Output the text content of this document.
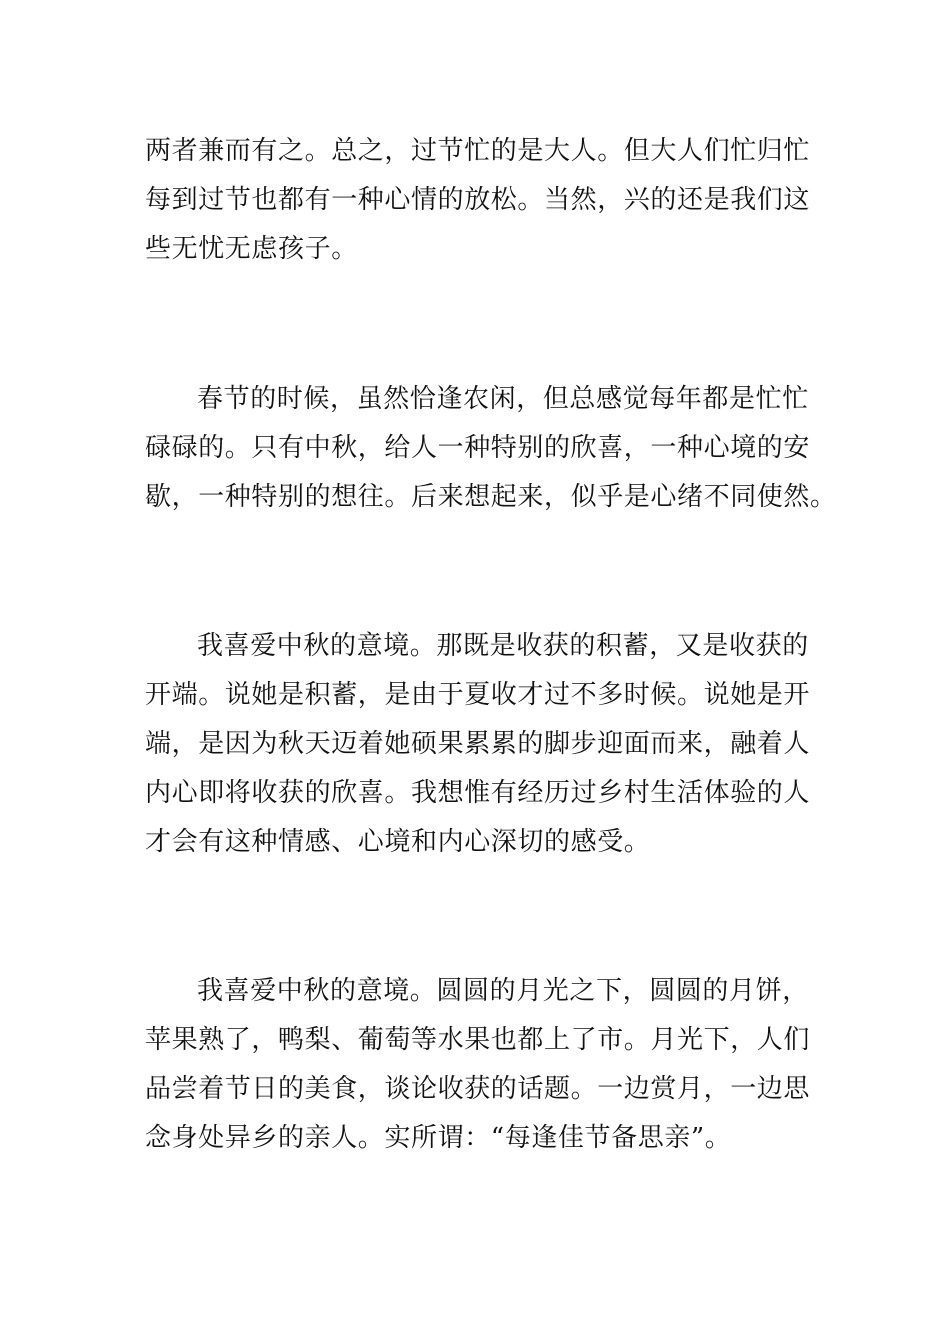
两者兼而有之。总之，过节忙的是大人。但大人们忙归忙
每到过节也都有一种心情的放松。当然，兴的还是我们这
些无忧无虑孩子。

春节的时候，虽然恰逢农闲，但总感觉每年都是忙忙
碌碌的。只有中秋，给人一种特别的欣喜，一种心境的安
歇，一种特别的想往。后来想起来，似乎是心绪不同使然。

我喜爱中秋的意境。那既是收获的积蓄，又是收获的
开端。说她是积蓄，是由于夏收才过不多时候。说她是开
端，是因为秋天迈着她硕果累累的脚步迎面而来，融着人
内心即将收获的欣喜。我想惟有经历过乡村生活体验的人
才会有这种情感、心境和内心深切的感受。

我喜爱中秋的意境。圆圆的月光之下，圆圆的月饼，
苹果熟了，鸭梨、葡萄等水果也都上了市。月光下，人们
品尝着节日的美食，谈论收获的话题。一边赏月，一边思
念身处异乡的亲人。实所谓：“每逢佳节备思亲”。
